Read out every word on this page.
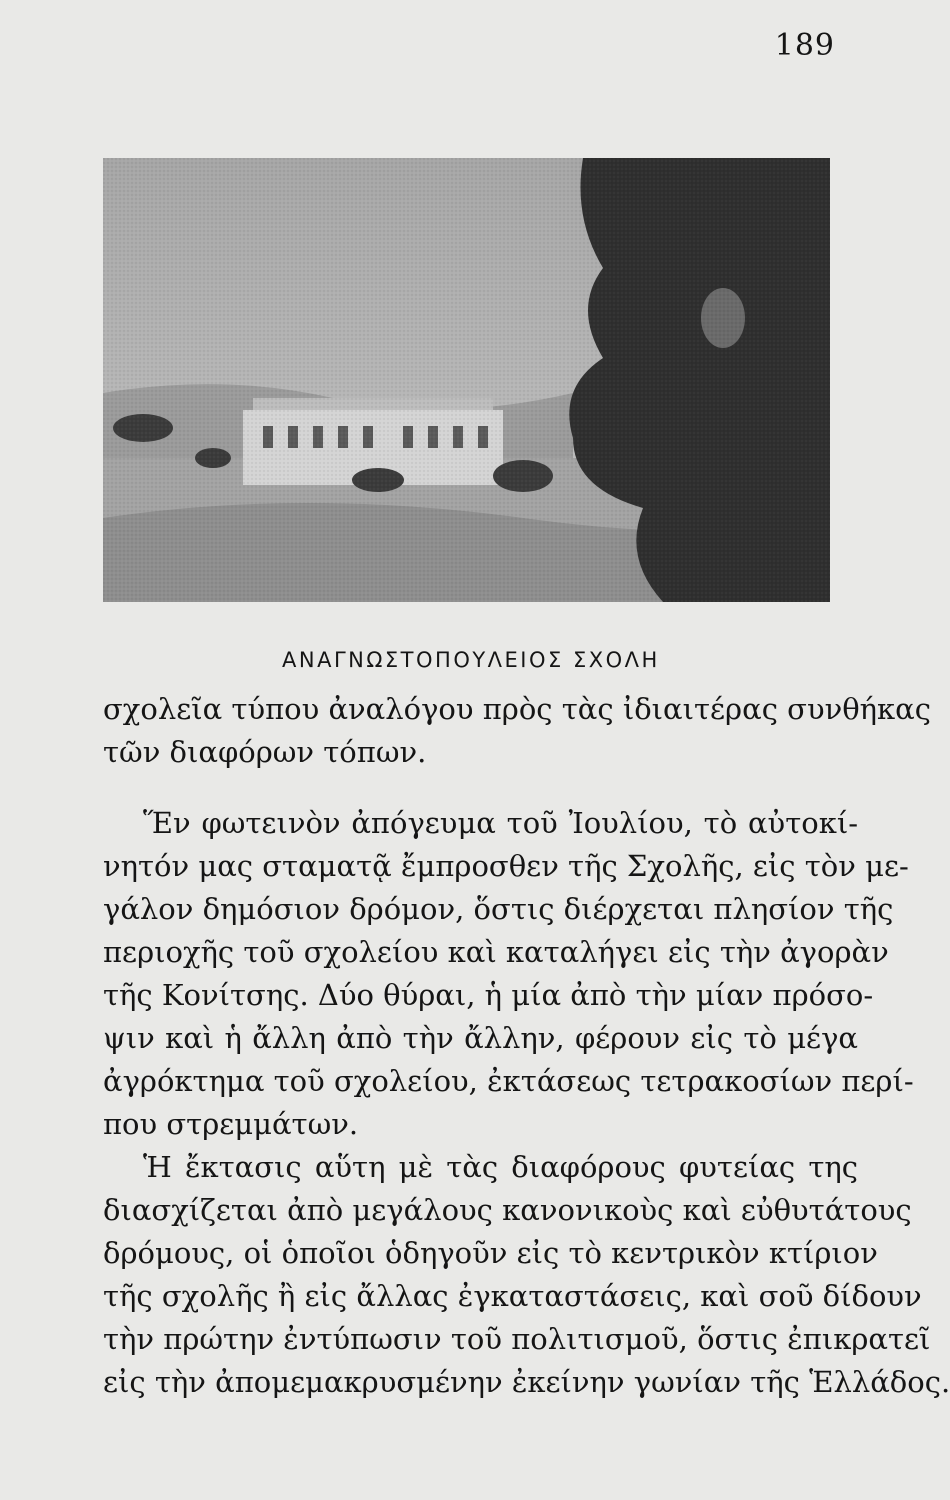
189
ΑΝΑΓΝΩΣΤΟΠΟΥΛΕΙΟΣ ΣΧΟΛΗ
σχολεῖα τύπου ἀναλόγου πρὸς τὰς ἰδιαιτέρας συνθήκας
τῶν διαφόρων τόπων.
Ἕν φωτεινὸν ἀπόγευμα τοῦ Ἰουλίου, τὸ αὐτοκί-
νητόν μας σταματᾷ ἔμπροσθεν τῆς Σχολῆς, εἰς τὸν με-
γάλον δημόσιον δρόμον, ὅστις διέρχεται πλησίον τῆς
περιοχῆς τοῦ σχολείου καὶ καταλήγει εἰς τὴν ἀγορὰν
τῆς Κονίτσης. Δύο θύραι, ἡ μία ἀπὸ τὴν μίαν πρόσο-
ψιν καὶ ἡ ἄλλη ἀπὸ τὴν ἄλλην, φέρουν εἰς τὸ μέγα
ἀγρόκτημα τοῦ σχολείου, ἐκτάσεως τετρακοσίων περί-
που στρεμμάτων.
Ἡ ἔκτασις αὕτη μὲ τὰς διαφόρους φυτείας της
διασχίζεται ἀπὸ μεγάλους κανονικοὺς καὶ εὐθυτάτους
δρόμους, οἱ ὁποῖοι ὁδηγοῦν εἰς τὸ κεντρικὸν κτίριον
τῆς σχολῆς ἢ εἰς ἄλλας ἐγκαταστάσεις, καὶ σοῦ δίδουν
τὴν πρώτην ἐντύπωσιν τοῦ πολιτισμοῦ, ὅστις ἐπικρατεῖ
εἰς τὴν ἀπομεμακρυσμένην ἐκείνην γωνίαν τῆς Ἑλλάδος.
